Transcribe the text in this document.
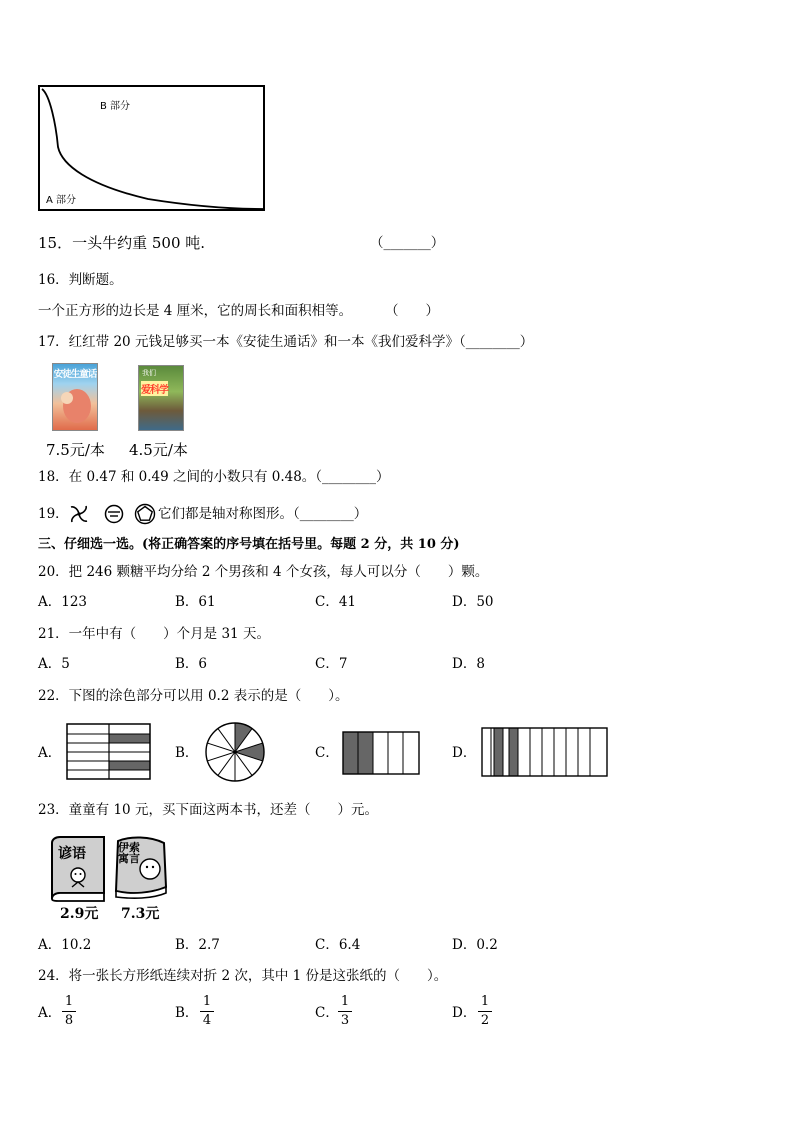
B 部分
A 部分
15．一头牛约重 500 吨.	（_______）
16．判断题。
一个正方形的边长是 4 厘米，它的周长和面积相等。 （　　）
17．红红带 20 元钱足够买一本《安徒生通话》和一本《我们爱科学》（________）
安徒生童话	我们
爱科学
7.5元/本 4.5元/本
18．在 0.47 和 0.49 之间的小数只有 0.48。（________）
19．	它们都是轴对称图形。（________）
三、仔细选一选。(将正确答案的序号填在括号里。每题 2 分，共 10 分)
20．把 246 颗糖平均分给 2 个男孩和 4 个女孩，每人可以分（　　）颗。
A．123	B．61	C．41	D．50
21．一年中有（　　）个月是 31 天。
A．5	B．6	C．7	D．8
22．下图的涂色部分可以用 0.2 表示的是（　　）。
A．	B．	C．	D．
23．童童有 10 元，买下面这两本书，还差（　　）元。
谚语	伊索寓言
2.9元 7.3元
A．10.2	B．2.7	C．6.4	D．0.2
24．将一张长方形纸连续对折 2 次，其中 1 份是这张纸的（　　）。
A．
1
8	B．
1
4	C．
1
3	D．
1
2
